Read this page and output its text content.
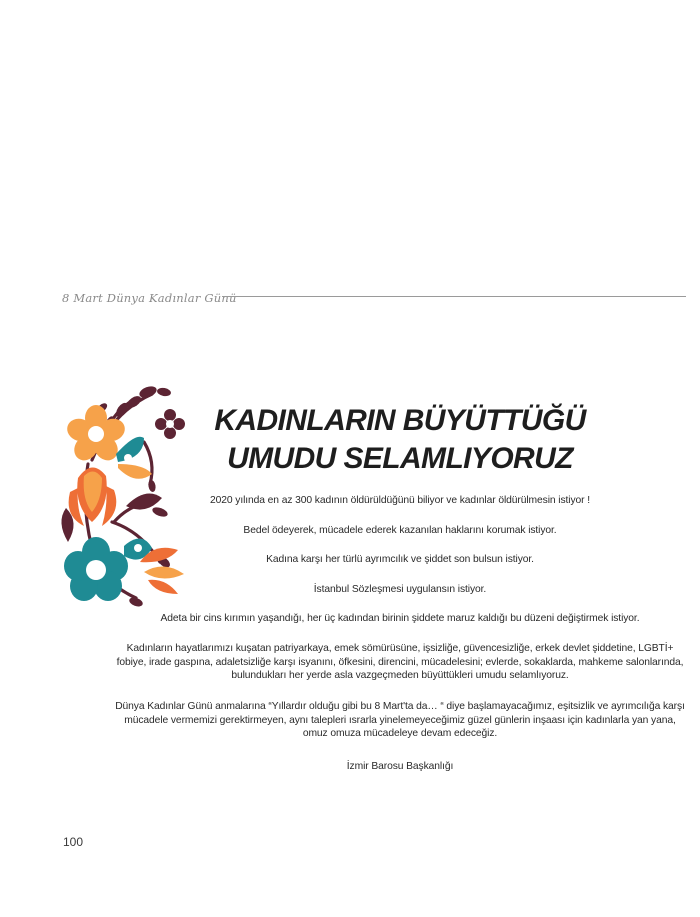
8 Mart Dünya Kadınlar Günü
KADINLARIN BÜYÜTTÜĞÜ
UMUDU SELAMLIYORUZ

2020 yılında en az 300 kadının öldürüldüğünü biliyor ve kadınlar öldürülmesin istiyor !

Bedel ödeyerek, mücadele ederek kazanılan haklarını korumak istiyor.

Kadına karşı her türlü ayrımcılık ve şiddet son bulsun istiyor.

İstanbul Sözleşmesi uygulansın istiyor.

Adeta bir cins kırımın yaşandığı, her üç kadından birinin şiddete maruz kaldığı bu düzeni değiştirmek istiyor.

Kadınların hayatlarımızı kuşatan patriyarkaya, emek sömürüsüne, işsizliğe, güvencesizliğe, erkek devlet şiddetine, LGBTİ+ fobiye, irade gaspına, adaletsizliğe karşı isyanını, öfkesini, direncini, mücadelesini; evlerde, sokaklarda, mahkeme salonlarında, bulundukları her yerde asla vazgeçmeden büyüttükleri umudu selamlıyoruz.

Dünya Kadınlar Günü anmalarına “Yıllardır olduğu gibi bu 8 Mart'ta da… “ diye başlamayacağımız, eşitsizlik ve ayrımcılığa karşı mücadele vermemizi gerektirmeyen, aynı talepleri ısrarla yinelemeyeceğimiz güzel günlerin inşaası için kadınlarla yan yana, omuz omuza mücadeleye devam edeceğiz.

İzmir Barosu Başkanlığı

100
